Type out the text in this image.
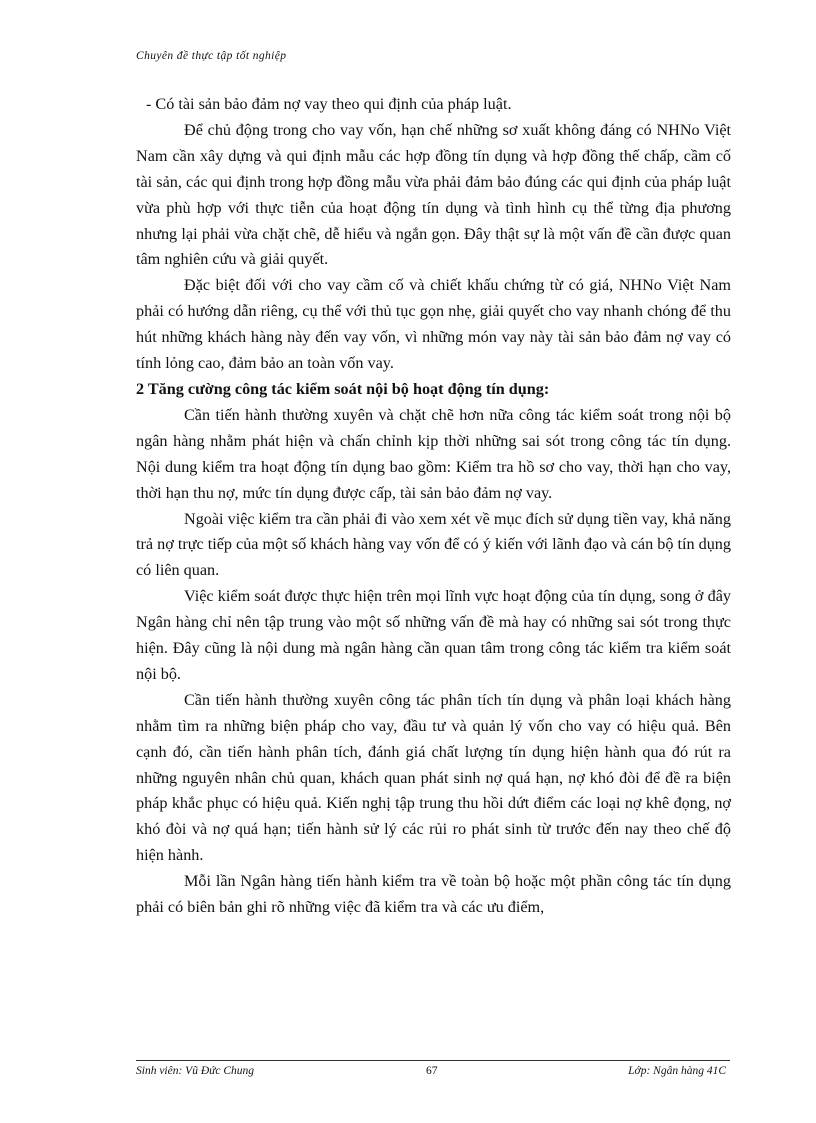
Chuyên đề thực tập tốt nghiệp

- Có tài sản bảo đảm nợ vay theo qui định của pháp luật.

Để chủ động trong cho vay vốn, hạn chế những sơ xuất không đáng có NHNo Việt Nam cần xây dựng và qui định mẫu các hợp đồng tín dụng và hợp đồng thế chấp, cầm cố tài sản, các qui định trong hợp đồng mẫu vừa phải đảm bảo đúng các qui định của pháp luật vừa phù hợp với thực tiễn của hoạt động tín dụng và tình hình cụ thể từng địa phương nhưng lại phải vừa chặt chẽ, dễ hiểu và ngắn gọn. Đây thật sự là một vấn đề cần được quan tâm nghiên cứu và giải quyết.

Đặc biệt đối với cho vay cầm cố và chiết khấu chứng từ có giá, NHNo Việt Nam phải có hướng dẫn riêng, cụ thể với thủ tục gọn nhẹ, giải quyết cho vay nhanh chóng để thu hút những khách hàng này đến vay vốn, vì những món vay này tài sản bảo đảm nợ vay có tính lỏng cao, đảm bảo an toàn vốn vay.

2 Tăng cường công tác kiểm soát nội bộ hoạt động tín dụng:

Cần tiến hành thường xuyên và chặt chẽ hơn nữa công tác kiểm soát trong nội bộ ngân hàng nhằm phát hiện và chấn chỉnh kịp thời những sai sót trong công tác tín dụng. Nội dung kiểm tra hoạt động tín dụng bao gồm: Kiểm tra hồ sơ cho vay, thời hạn cho vay, thời hạn thu nợ, mức tín dụng được cấp, tài sản bảo đảm nợ vay.

Ngoài việc kiểm tra cần phải đi vào xem xét về mục đích sử dụng tiền vay, khả năng trả nợ trực tiếp của một số khách hàng vay vốn để có ý kiến với lãnh đạo và cán bộ tín dụng có liên quan.

Việc kiểm soát được thực hiện trên mọi lĩnh vực hoạt động của tín dụng, song ở đây Ngân hàng chỉ nên tập trung vào một số những vấn đề mà hay có những sai sót trong thực hiện. Đây cũng là nội dung mà ngân hàng cần quan tâm trong công tác kiểm tra kiểm soát nội bộ.

Cần tiến hành thường xuyên công tác phân tích tín dụng và phân loại khách hàng nhằm tìm ra những biện pháp cho vay, đầu tư và quản lý vốn cho vay có hiệu quả. Bên cạnh đó, cần tiến hành phân tích, đánh giá chất lượng tín dụng hiện hành qua đó rút ra những nguyên nhân chủ quan, khách quan phát sinh nợ quá hạn, nợ khó đòi để đề ra biện pháp khắc phục có hiệu quả. Kiến nghị tập trung thu hồi dứt điểm các loại nợ khê đọng, nợ khó đòi và nợ quá hạn; tiến hành sử lý các rủi ro phát sinh từ trước đến nay theo chế độ hiện hành.

Mỗi lần Ngân hàng tiến hành kiểm tra về toàn bộ hoặc một phần công tác tín dụng phải có biên bản ghi rõ những việc đã kiểm tra và các ưu điểm,

Sinh viên: Vũ Đức Chung	67	Lớp: Ngân hàng 41C
